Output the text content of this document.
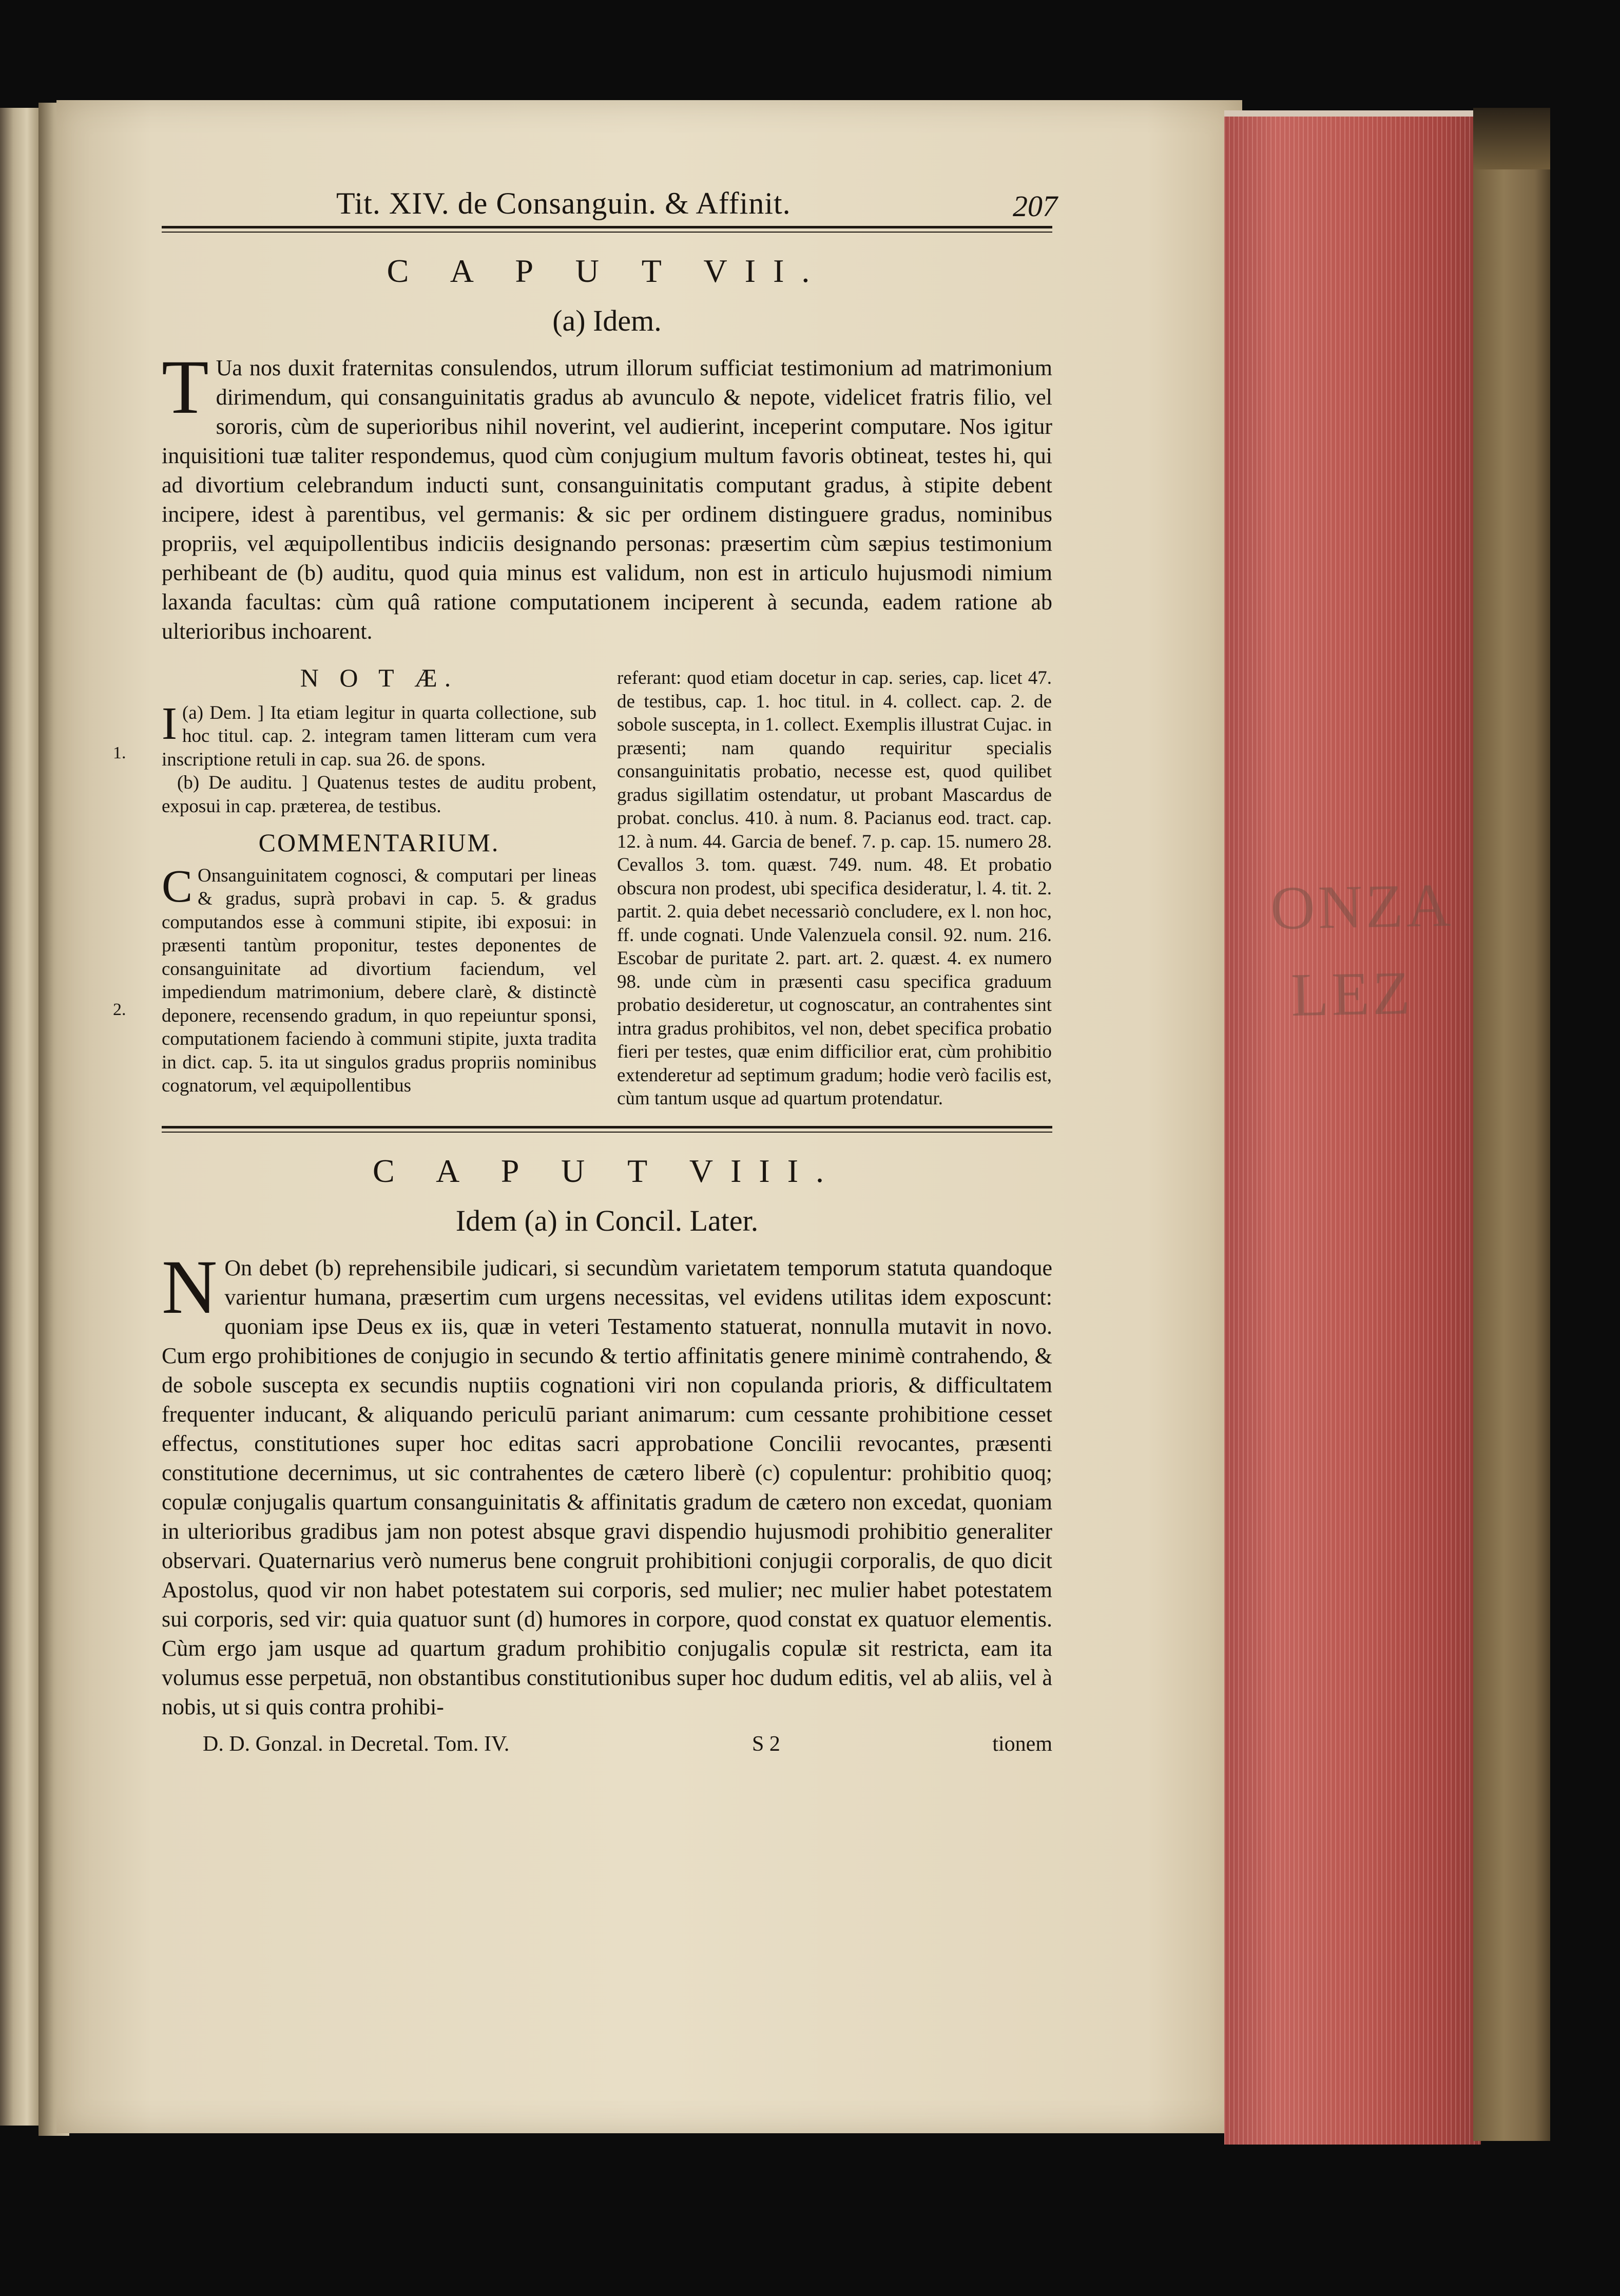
ONZA
LEZ
Tit. XIV. de Consanguin. & Affinit.	207
C A P U T VII.
(a) Idem.

T Ua nos duxit fraternitas consulendos, utrum illorum sufficiat testimonium ad matrimonium dirimendum, qui consanguinitatis gradus ab avunculo & nepote, videlicet fratris filio, vel sororis, cùm de superioribus nihil noverint, vel audierint, inceperint computare. Nos igitur inquisitioni tuæ taliter respondemus, quod cùm conjugium multum favoris obtineat, testes hi, qui ad divortium celebrandum inducti sunt, consanguinitatis computant gradus, à stipite debent incipere, idest à parentibus, vel germanis: & sic per ordinem distinguere gradus, nominibus propriis, vel æquipollentibus indiciis designando personas: præsertim cùm sæpius testimonium perhibeant de (b) auditu, quod quia minus est validum, non est in articulo hujusmodi nimium laxanda facultas: cùm quâ ratione computationem inciperent à secunda, eadem ratione ab ulterioribus inchoarent.

1.
2.
N O T Æ.

I (a) Dem. ] Ita etiam legitur in quarta collectione, sub hoc titul. cap. 2. integram tamen litteram cum vera inscriptione retuli in cap. sua 26. de spons.

(b) De auditu. ] Quatenus testes de auditu probent, exposui in cap. præterea, de testibus.

COMMENTARIUM.

C Onsanguinitatem cognosci, & computari per lineas & gradus, suprà probavi in cap. 5. & gradus computandos esse à communi stipite, ibi exposui: in præsenti tantùm proponitur, testes deponentes de consanguinitate ad divortium faciendum, vel impediendum matrimonium, debere clarè, & distinctè deponere, recensendo gradum, in quo repeiuntur sponsi, computationem faciendo à communi stipite, juxta tradita in dict. cap. 5. ita ut singulos gradus propriis nominibus cognatorum, vel æquipollentibus

referant: quod etiam docetur in cap. series, cap. licet 47. de testibus, cap. 1. hoc titul. in 4. collect. cap. 2. de sobole suscepta, in 1. collect. Exemplis illustrat Cujac. in præsenti; nam quando requiritur specialis consanguinitatis probatio, necesse est, quod quilibet gradus sigillatim ostendatur, ut probant Mascardus de probat. conclus. 410. à num. 8. Pacianus eod. tract. cap. 12. à num. 44. Garcia de benef. 7. p. cap. 15. numero 28. Cevallos 3. tom. quæst. 749. num. 48. Et probatio obscura non prodest, ubi specifica desideratur, l. 4. tit. 2. partit. 2. quia debet necessariò concludere, ex l. non hoc, ff. unde cognati. Unde Valenzuela consil. 92. num. 216. Escobar de puritate 2. part. art. 2. quæst. 4. ex numero 98. unde cùm in præsenti casu specifica graduum probatio desideretur, ut cognoscatur, an contrahentes sint intra gradus prohibitos, vel non, debet specifica probatio fieri per testes, quæ enim difficilior erat, cùm prohibitio extenderetur ad septimum gradum; hodie verò facilis est, cùm tantum usque ad quartum protendatur.

C A P U T VIII.
Idem (a) in Concil. Later.

N On debet (b) reprehensibile judicari, si secundùm varietatem temporum statuta quandoque varientur humana, præsertim cum urgens necessitas, vel evidens utilitas idem exposcunt: quoniam ipse Deus ex iis, quæ in veteri Testamento statuerat, nonnulla mutavit in novo. Cum ergo prohibitiones de conjugio in secundo & tertio affinitatis genere minimè contrahendo, & de sobole suscepta ex secundis nuptiis cognationi viri non copulanda prioris, & difficultatem frequenter inducant, & aliquando periculū pariant animarum: cum cessante prohibitione cesset effectus, constitutiones super hoc editas sacri approbatione Concilii revocantes, præsenti constitutione decernimus, ut sic contrahentes de cætero liberè (c) copulentur: prohibitio quoq; copulæ conjugalis quartum consanguinitatis & affinitatis gradum de cætero non excedat, quoniam in ulterioribus gradibus jam non potest absque gravi dispendio hujusmodi prohibitio generaliter observari. Quaternarius verò numerus bene congruit prohibitioni conjugii corporalis, de quo dicit Apostolus, quod vir non habet potestatem sui corporis, sed mulier; nec mulier habet potestatem sui corporis, sed vir: quia quatuor sunt (d) humores in corpore, quod constat ex quatuor elementis. Cùm ergo jam usque ad quartum gradum prohibitio conjugalis copulæ sit restricta, eam ita volumus esse perpetuā, non obstantibus constitutionibus super hoc dudum editis, vel ab aliis, vel à nobis, ut si quis contra prohibi-

D. D. Gonzal. in Decretal. Tom. IV.	S 2	tionem
